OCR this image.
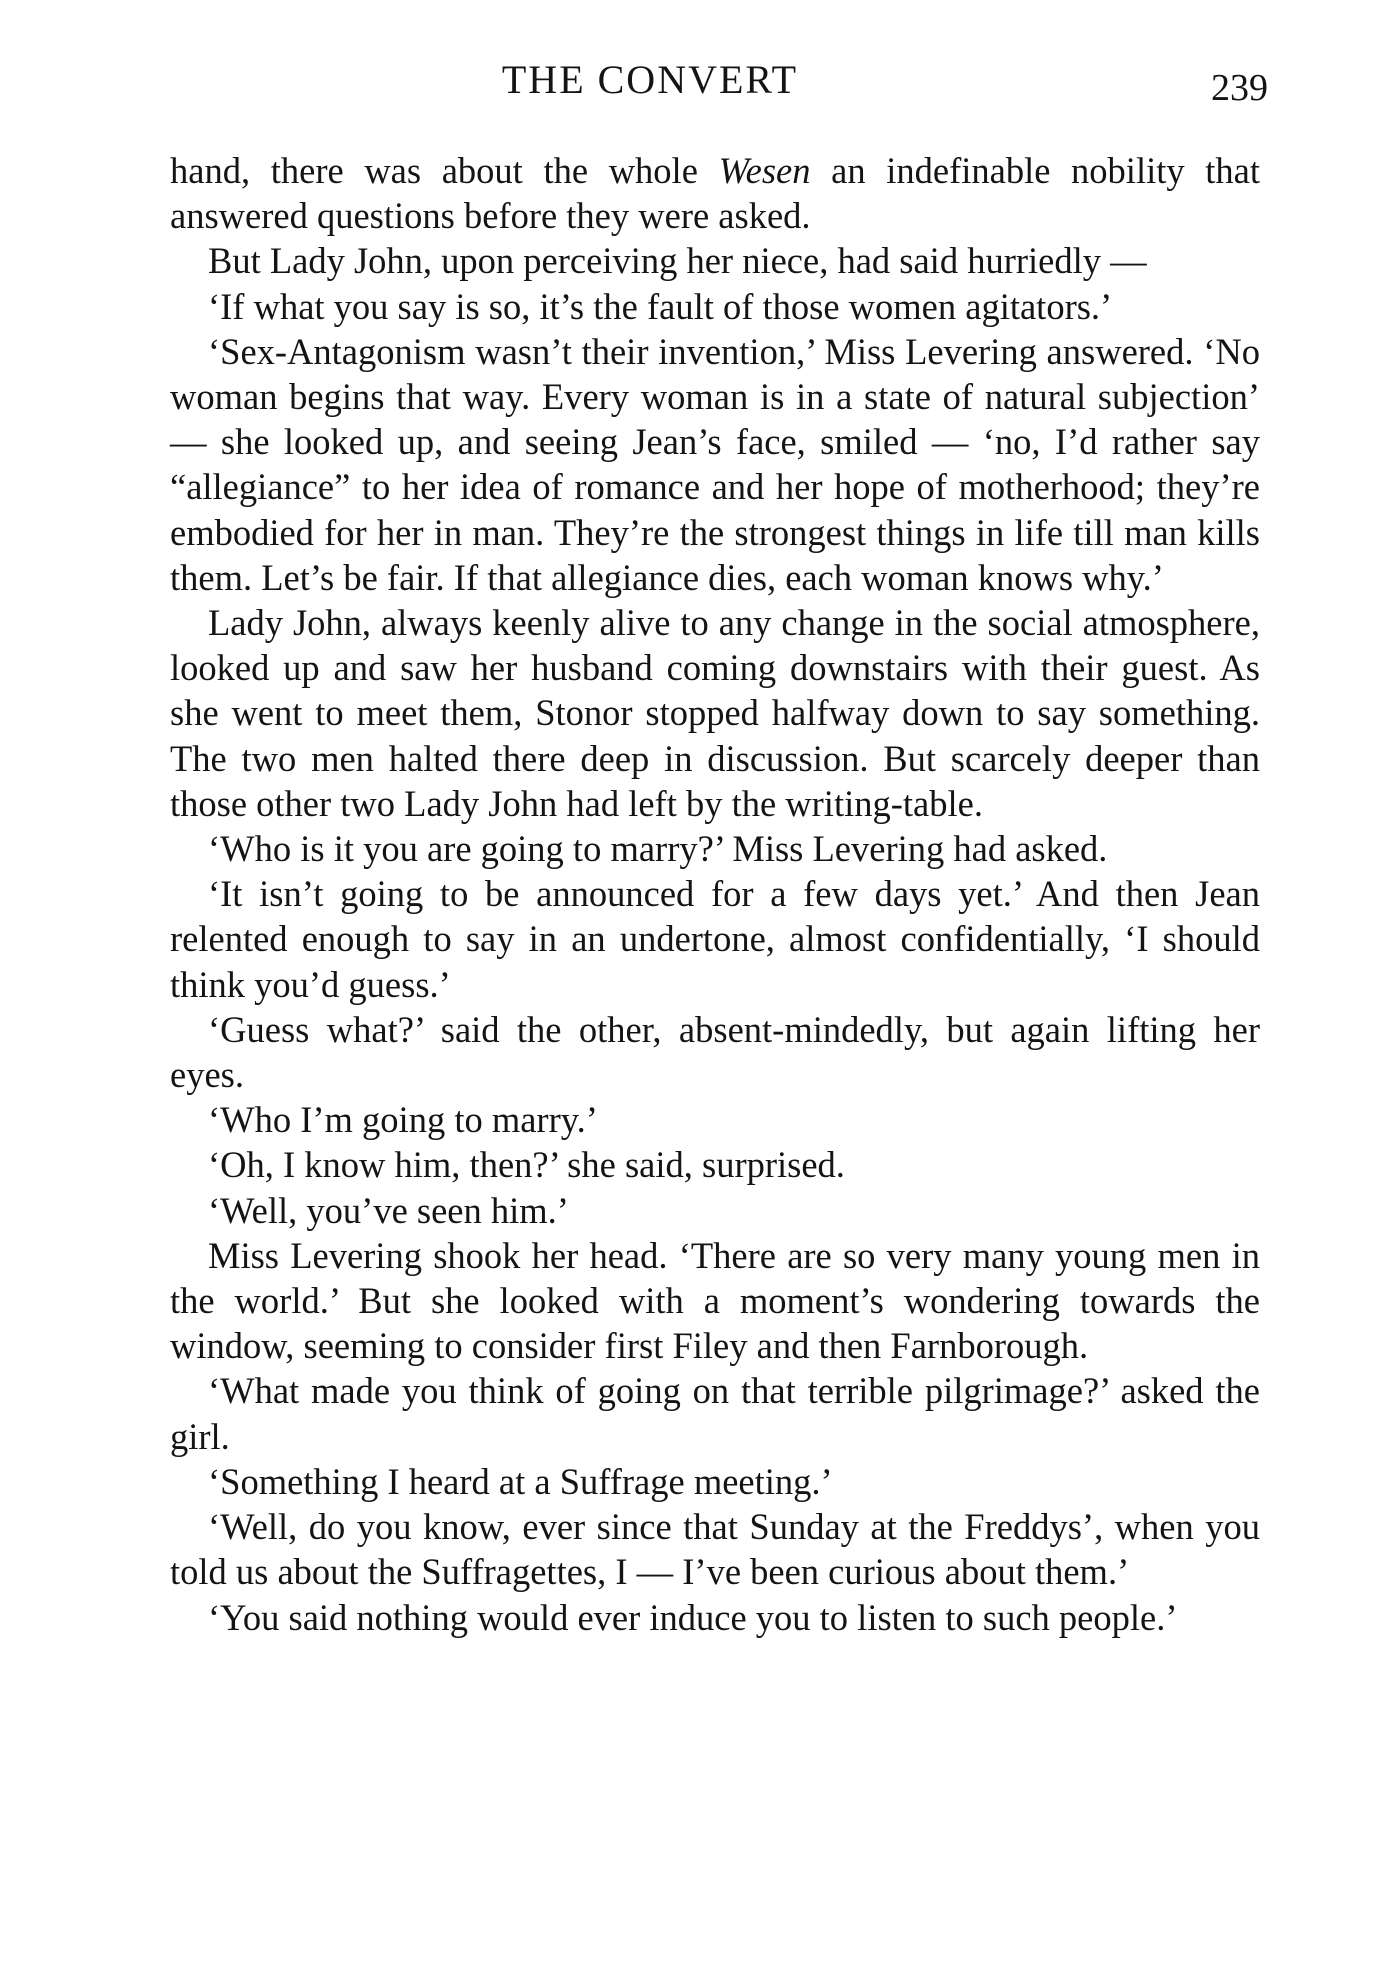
THE CONVERT	239

hand, there was about the whole Wesen an indefinable nobility that answered questions before they were asked.

But Lady John, upon perceiving her niece, had said hurriedly —

‘If what you say is so, it’s the fault of those women agitators.’

‘Sex-Antagonism wasn’t their invention,’ Miss Levering answered. ‘No woman begins that way. Every woman is in a state of natural subjection’ — she looked up, and seeing Jean’s face, smiled — ‘no, I’d rather say “allegiance” to her idea of romance and her hope of motherhood; they’re embodied for her in man. They’re the strongest things in life till man kills them. Let’s be fair. If that allegiance dies, each woman knows why.’

Lady John, always keenly alive to any change in the social atmosphere, looked up and saw her husband coming downstairs with their guest. As she went to meet them, Stonor stopped halfway down to say something. The two men halted there deep in discussion. But scarcely deeper than those other two Lady John had left by the writing-table.

‘Who is it you are going to marry?’ Miss Levering had asked.

‘It isn’t going to be announced for a few days yet.’ And then Jean relented enough to say in an undertone, almost confidentially, ‘I should think you’d guess.’

‘Guess what?’ said the other, absent-mindedly, but again lifting her eyes.

‘Who I’m going to marry.’

‘Oh, I know him, then?’ she said, surprised.

‘Well, you’ve seen him.’

Miss Levering shook her head. ‘There are so very many young men in the world.’ But she looked with a moment’s wondering towards the window, seeming to consider first Filey and then Farnborough.

‘What made you think of going on that terrible pilgrimage?’ asked the girl.

‘Something I heard at a Suffrage meeting.’

‘Well, do you know, ever since that Sunday at the Freddys’, when you told us about the Suffragettes, I — I’ve been curious about them.’

‘You said nothing would ever induce you to listen to such people.’
